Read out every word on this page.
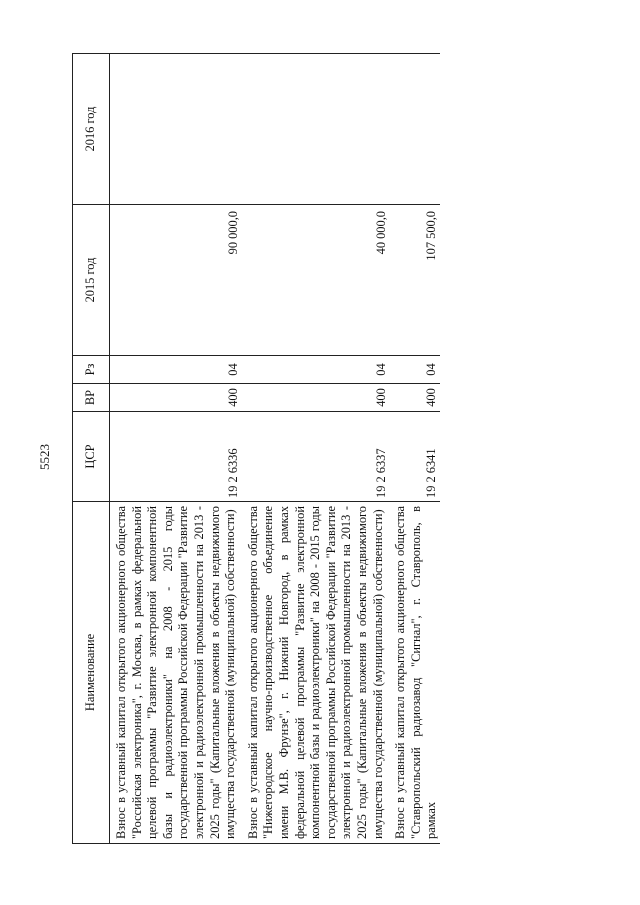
5523
Наименование	ЦСР	ВР	Рз	2015 год	2016 год
Взнос в уставный капитал открытого акционерного общества "Российская электроника", г. Москва, в рамках федеральной целевой программы "Развитие электронной компонентной базы и радиоэлектроники" на 2008 - 2015 годы государственной программы Российской Федерации "Развитие электронной и радиоэлектронной промышленности на 2013 - 2025 годы" (Капитальные вложения в объекты недвижимого имущества государственной (муниципальной) собственности)	19 2 6336	400	04	90 000,0	
Взнос в уставный капитал открытого акционерного общества "Нижегородское научно-производственное объединение имени М.В. Фрунзе", г. Нижний Новгород, в рамках федеральной целевой программы "Развитие электронной компонентной базы и радиоэлектроники" на 2008 - 2015 годы государственной программы Российской Федерации "Развитие электронной и радиоэлектронной промышленности на 2013 - 2025 годы" (Капитальные вложения в объекты недвижимого имущества государственной (муниципальной) собственности)	19 2 6337	400	04	40 000,0	
Взнос в уставный капитал открытого акционерного общества "Ставропольский радиозавод "Сигнал", г. Ставрополь, в рамках	19 2 6341	400	04	107 500,0	
